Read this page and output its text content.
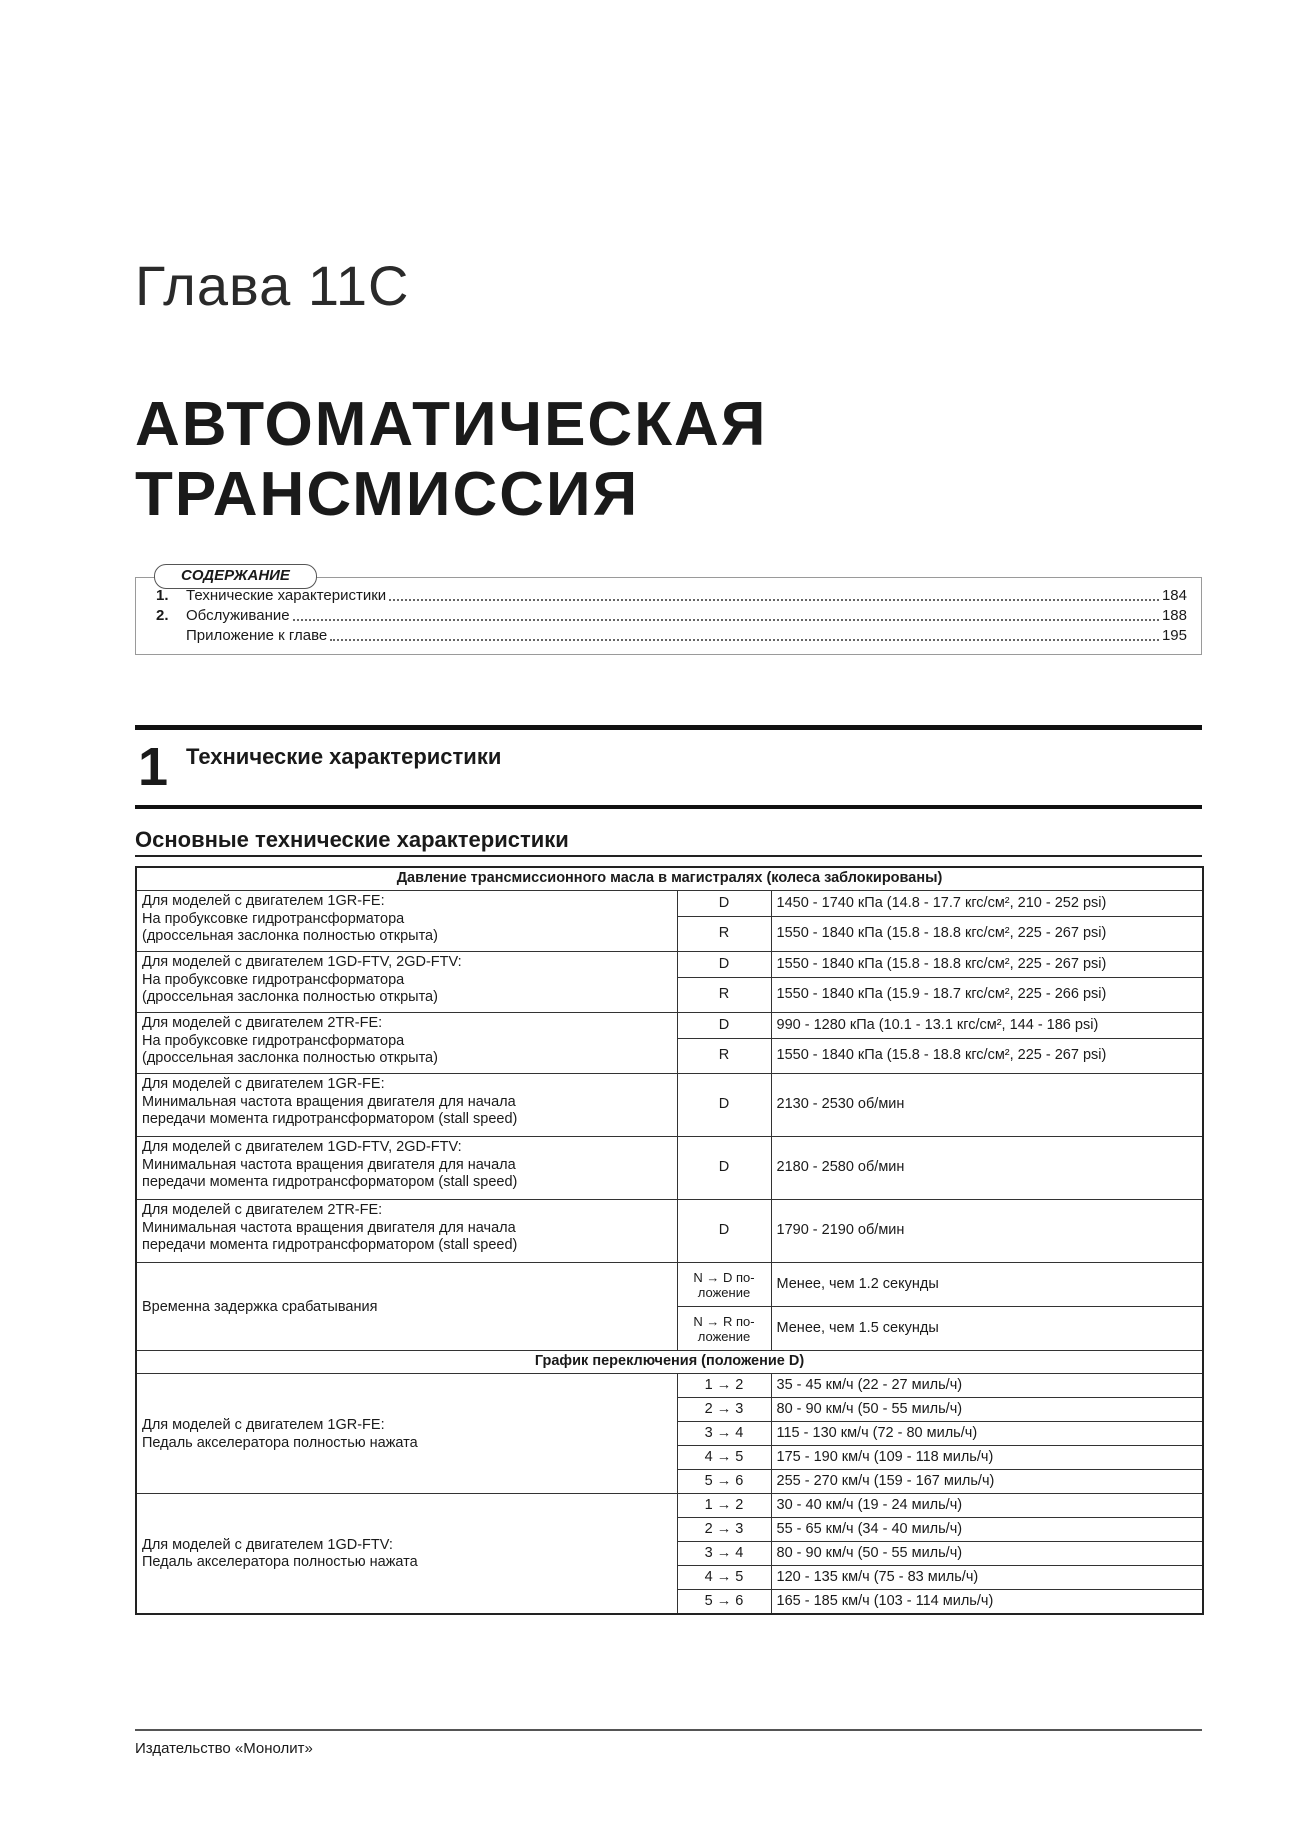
Глава 11C
АВТОМАТИЧЕСКАЯ
ТРАНСМИССИЯ
СОДЕРЖАНИЕ
1.	Технические характеристики	184
2.	Обслуживание	188
Приложение к главе	195
1 Технические характеристики
Основные технические характеристики
Давление трансмиссионного масла в магистралях (колеса заблокированы)		

Для моделей с двигателем 1GR-FE:
На пробуксовке гидротрансформатора
(дроссельная заслонка полностью открыта)	D	1450 - 1740 кПа (14.8 - 17.7 кгс/см², 210 - 252 psi)
	R	1550 - 1840 кПа (15.8 - 18.8 кгс/см², 225 - 267 psi)

Для моделей с двигателем 1GD-FTV, 2GD-FTV:
На пробуксовке гидротрансформатора
(дроссельная заслонка полностью открыта)	D	1550 - 1840 кПа (15.8 - 18.8 кгс/см², 225 - 267 psi)
	R	1550 - 1840 кПа (15.9 - 18.7 кгс/см², 225 - 266 psi)

Для моделей с двигателем 2TR-FE:
На пробуксовке гидротрансформатора
(дроссельная заслонка полностью открыта)	D	990 - 1280 кПа (10.1 - 13.1 кгс/см², 144 - 186 psi)
	R	1550 - 1840 кПа (15.8 - 18.8 кгс/см², 225 - 267 psi)

Для моделей с двигателем 1GR-FE:
Минимальная частота вращения двигателя для начала
передачи момента гидротрансформатором (stall speed)	D	2130 - 2530 об/мин

Для моделей с двигателем 1GD-FTV, 2GD-FTV:
Минимальная частота вращения двигателя для начала
передачи момента гидротрансформатором (stall speed)	D	2180 - 2580 об/мин

Для моделей с двигателем 2TR-FE:
Минимальная частота вращения двигателя для начала
передачи момента гидротрансформатором (stall speed)	D	1790 - 2190 об/мин
Временна задержка срабатывания	N → D по-
ложение	Менее, чем 1.2 секунды

	N → R по-
ложение	Менее, чем 1.5 секунды
График переключения (положение D)		

Для моделей с двигателем 1GR-FE:
Педаль акселератора полностью нажата	1 → 2	35 - 45 км/ч (22 - 27 миль/ч)
	2 → 3	80 - 90 км/ч (50 - 55 миль/ч)
	3 → 4	115 - 130 км/ч (72 - 80 миль/ч)
	4 → 5	175 - 190 км/ч (109 - 118 миль/ч)
	5 → 6	255 - 270 км/ч (159 - 167 миль/ч)

Для моделей с двигателем 1GD-FTV:
Педаль акселератора полностью нажата	1 → 2	30 - 40 км/ч (19 - 24 миль/ч)
	2 → 3	55 - 65 км/ч (34 - 40 миль/ч)
	3 → 4	80 - 90 км/ч (50 - 55 миль/ч)
	4 → 5	120 - 135 км/ч (75 - 83 миль/ч)
	5 → 6	165 - 185 км/ч (103 - 114 миль/ч)
Издательство «Монолит»
